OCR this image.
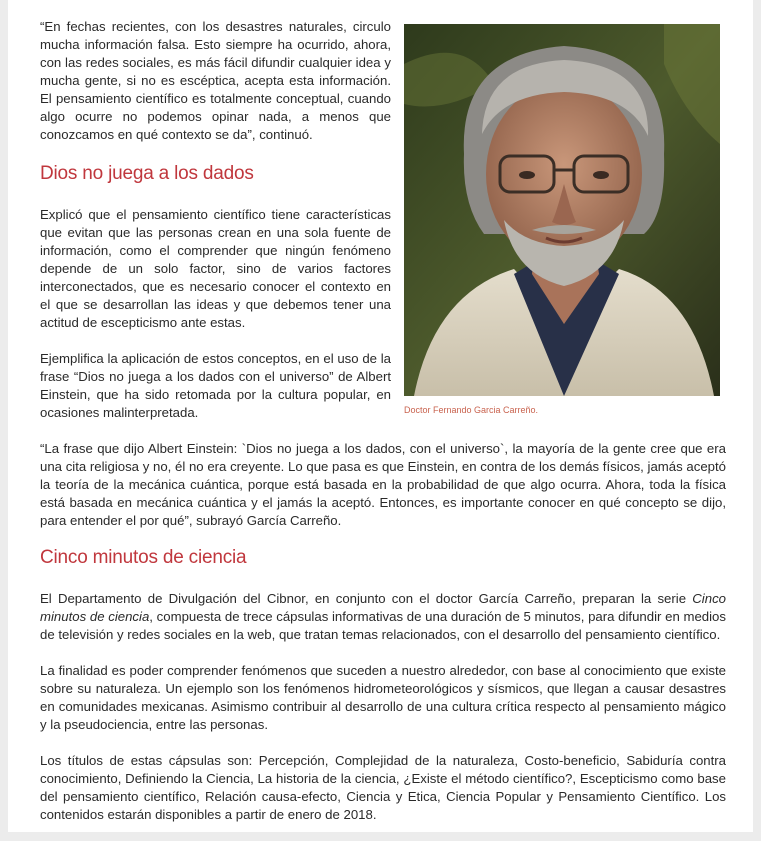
“En fechas recientes, con los desastres naturales, circulo mucha información falsa. Esto siempre ha ocurrido, ahora, con las redes sociales, es más fácil difundir cualquier idea y mucha gente, si no es escéptica, acepta esta información. El pensamiento científico es totalmente conceptual, cuando algo ocurre no podemos opinar nada, a menos que conozcamos en qué contexto se da”, continuó.

Dios no juega a los dados

Explicó que el pensamiento científico tiene características que evitan que las personas crean en una sola fuente de información, como el comprender que ningún fenómeno depende de un solo factor, sino de varios factores interconectados, que es necesario conocer el contexto en el que se desarrollan las ideas y que debemos tener una actitud de escepticismo ante estas.

Ejemplifica la aplicación de estos conceptos, en el uso de la frase “Dios no juega a los dados con el universo” de Albert Einstein, que ha sido retomada por la cultura popular, en ocasiones malinterpretada.

“La frase que dijo Albert Einstein: `Dios no juega a los dados, con el universo`, la mayoría de la gente cree que era una cita religiosa y no, él no era creyente. Lo que pasa es que Einstein, en contra de los demás físicos, jamás aceptó la teoría de la mecánica cuántica, porque está basada en la probabilidad de que algo ocurra. Ahora, toda la física está basada en mecánica cuántica y el jamás la aceptó. Entonces, es importante conocer en qué concepto se dijo, para entender el por qué”, subrayó García Carreño.

Cinco minutos de ciencia

El Departamento de Divulgación del Cibnor, en conjunto con el doctor García Carreño, preparan la serie Cinco minutos de ciencia, compuesta de trece cápsulas informativas de una duración de 5 minutos, para difundir en medios de televisión y redes sociales en la web, que tratan temas relacionados, con el desarrollo del pensamiento científico.

La finalidad es poder comprender fenómenos que suceden a nuestro alrededor, con base al conocimiento que existe sobre su naturaleza. Un ejemplo son los fenómenos hidrometeorológicos y sísmicos, que llegan a causar desastres en comunidades mexicanas. Asimismo contribuir al desarrollo de una cultura crítica respecto al pensamiento mágico y la pseudociencia, entre las personas.

Los títulos de estas cápsulas son: Percepción, Complejidad de la naturaleza, Costo-beneficio, Sabiduría contra conocimiento, Definiendo la Ciencia, La historia de la ciencia, ¿Existe el método científico?, Escepticismo como base del pensamiento científico, Relación causa-efecto, Ciencia y Etica, Ciencia Popular y Pensamiento Científico. Los contenidos estarán disponibles a partir de enero de 2018.

Doctor Fernando Garcia Carreño.
